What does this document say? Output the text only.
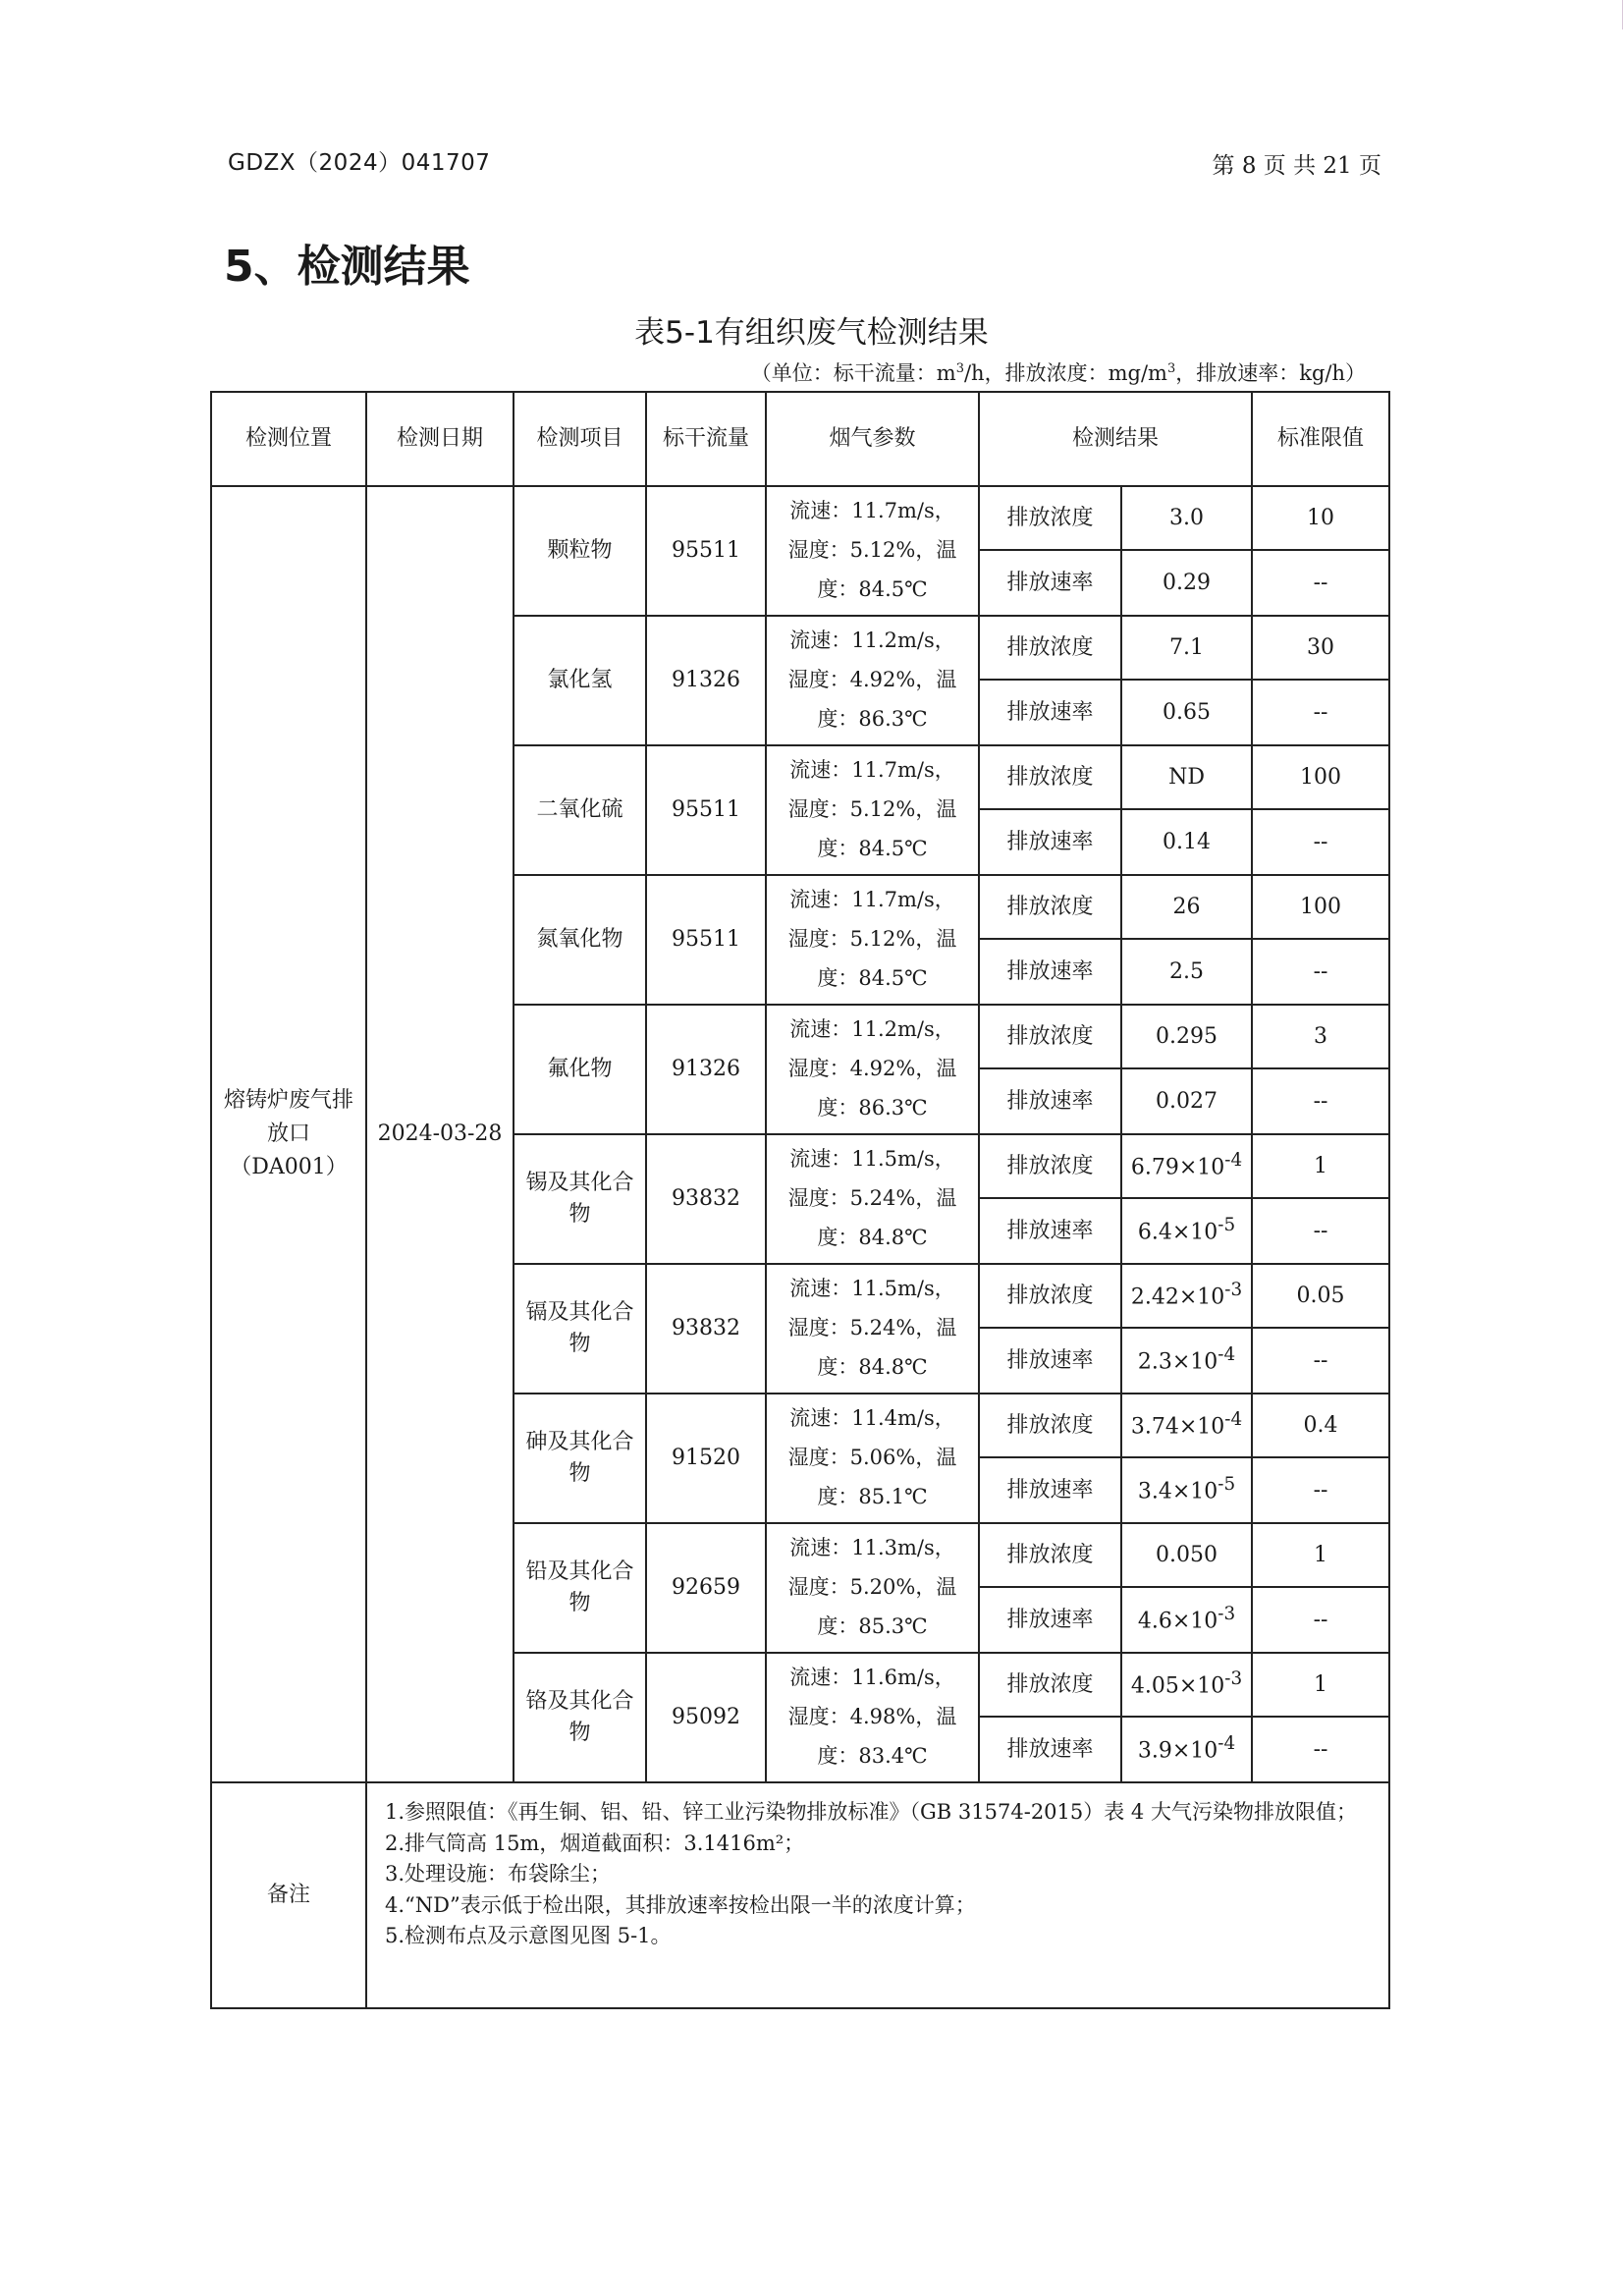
GDZX（2024）041707	第 8 页 共 21 页
5、检测结果
表5-1有组织废气检测结果
（单位：标干流量：$m^3/h$，排放浓度：$mg/m^3$，排放速率：kg/h）
检测位置	检测日期	检测项目	标干流量	烟气参数	检测结果		标准限值
熔铸炉废气排放口（DA001）	2024-03-28	颗粒物	95511	流速：11.7m/s，
湿度：5.12%，温
度：84.5℃	排放浓度	3.0	10
					排放速率	0.29	--
		氯化氢	91326	流速：11.2m/s，
湿度：4.92%，温
度：86.3℃	排放浓度	7.1	30
					排放速率	0.65	--
		二氧化硫	95511	流速：11.7m/s，
湿度：5.12%，温
度：84.5℃	排放浓度	ND	100
					排放速率	0.14	--
		氮氧化物	95511	流速：11.7m/s，
湿度：5.12%，温
度：84.5℃	排放浓度	26	100
					排放速率	2.5	--
		氟化物	91326	流速：11.2m/s，
湿度：4.92%，温
度：86.3℃	排放浓度	0.295	3
					排放速率	0.027	--
		锡及其化合物	93832	流速：11.5m/s，
湿度：5.24%，温
度：84.8℃	排放浓度	$6.79\times 10^{-4}$	1
					排放速率	$6.4\times 10^{-5}$	--
		镉及其化合物	93832	流速：11.5m/s，
湿度：5.24%，温
度：84.8℃	排放浓度	$2.42\times 10^{-3}$	0.05
					排放速率	$2.3\times 10^{-4}$	--
		砷及其化合物	91520	流速：11.4m/s，
湿度：5.06%，温
度：85.1℃	排放浓度	$3.74\times 10^{-4}$	0.4
					排放速率	$3.4\times 10^{-5}$	--
		铅及其化合物	92659	流速：11.3m/s，
湿度：5.20%，温
度：85.3℃	排放浓度	0.050	1
					排放速率	$4.6\times 10^{-3}$	--
		铬及其化合物	95092	流速：11.6m/s，
湿度：4.98%，温
度：83.4℃	排放浓度	$4.05\times 10^{-3}$	1
					排放速率	$3.9\times 10^{-4}$	--
备注	1.参照限值：《再生铜、铝、铅、锌工业污染物排放标准》（GB 31574-2015）表 4 大气污染物排放限值；
2.排气筒高 15m，烟道截面积：3.1416m²；
3.处理设施：布袋除尘；
4.“ND”表示低于检出限，其排放速率按检出限一半的浓度计算；
5.检测布点及示意图见图 5-1。						
